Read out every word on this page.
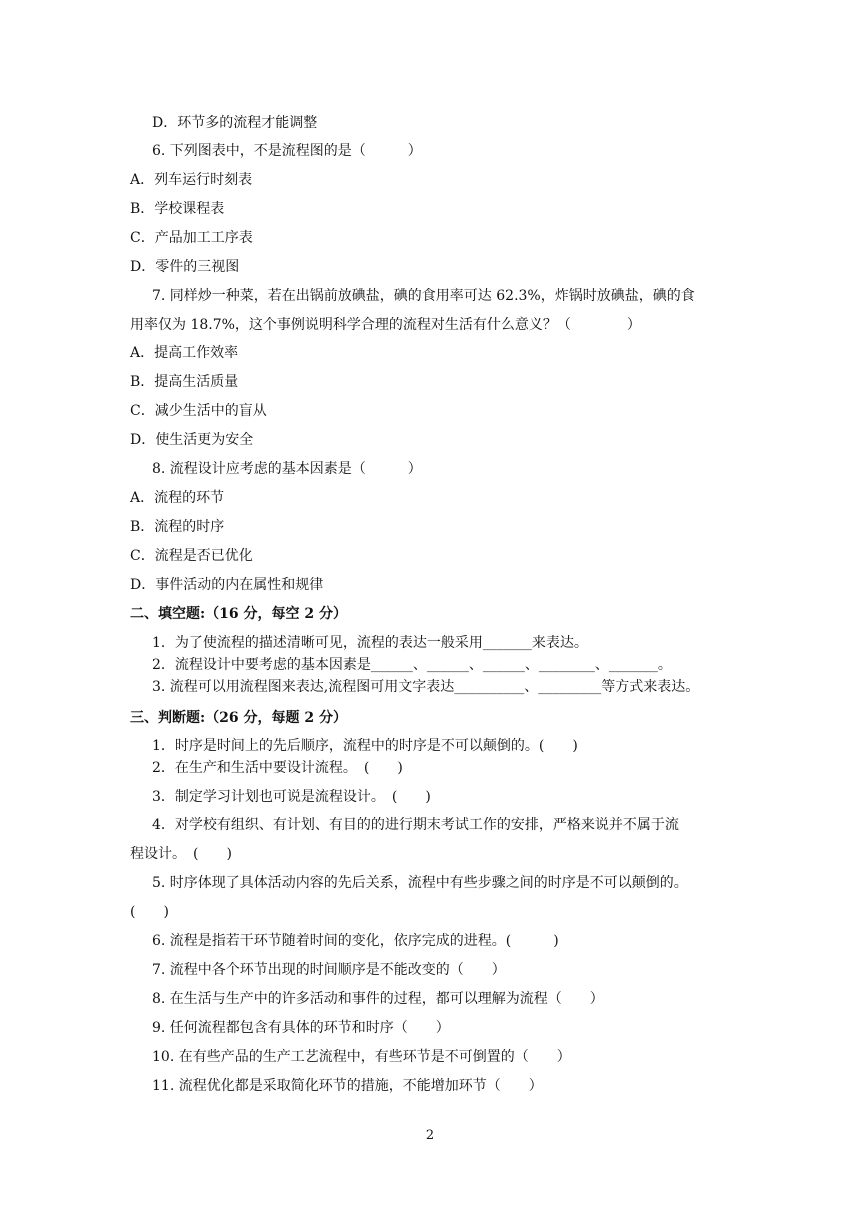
D．环节多的流程才能调整
6. 下列图表中，不是流程图的是（　　　）
A．列车运行时刻表
B．学校课程表
C．产品加工工序表
D．零件的三视图
7. 同样炒一种菜，若在出锅前放碘盐，碘的食用率可达 62.3%，炸锅时放碘盐，碘的食
用率仅为 18.7%，这个事例说明科学合理的流程对生活有什么意义？（　　　　）
A．提高工作效率
B．提高生活质量
C．减少生活中的盲从
D．使生活更为安全
8. 流程设计应考虑的基本因素是（　　　）
A．流程的环节
B．流程的时序
C．流程是否已优化
D．事件活动的内在属性和规律
二、填空题:（16 分，每空 2 分）
1．为了使流程的描述清晰可见，流程的表达一般采用_______来表达。
2．流程设计中要考虑的基本因素是______、______、______、________、_______。
3. 流程可以用流程图来表达,流程图可用文字表达__________、_________等方式来表达。
三、判断题:（26 分，每题 2 分）
1．时序是时间上的先后顺序，流程中的时序是不可以颠倒的。(　　)
2．在生产和生活中要设计流程。　(　　)
3．制定学习计划也可说是流程设计。　(　　)
4．对学校有组织、有计划、有目的的进行期末考试工作的安排，严格来说并不属于流
程设计。　(　　)
5. 时序体现了具体活动内容的先后关系，流程中有些步骤之间的时序是不可以颠倒的。
(　　)
6. 流程是指若干环节随着时间的变化，依序完成的进程。(　　　)
7. 流程中各个环节出现的时间顺序是不能改变的（　　）
8. 在生活与生产中的许多活动和事件的过程，都可以理解为流程（　　）
9. 任何流程都包含有具体的环节和时序（　　）
10. 在有些产品的生产工艺流程中，有些环节是不可倒置的（　　）
11. 流程优化都是采取简化环节的措施，不能增加环节（　　）
2
